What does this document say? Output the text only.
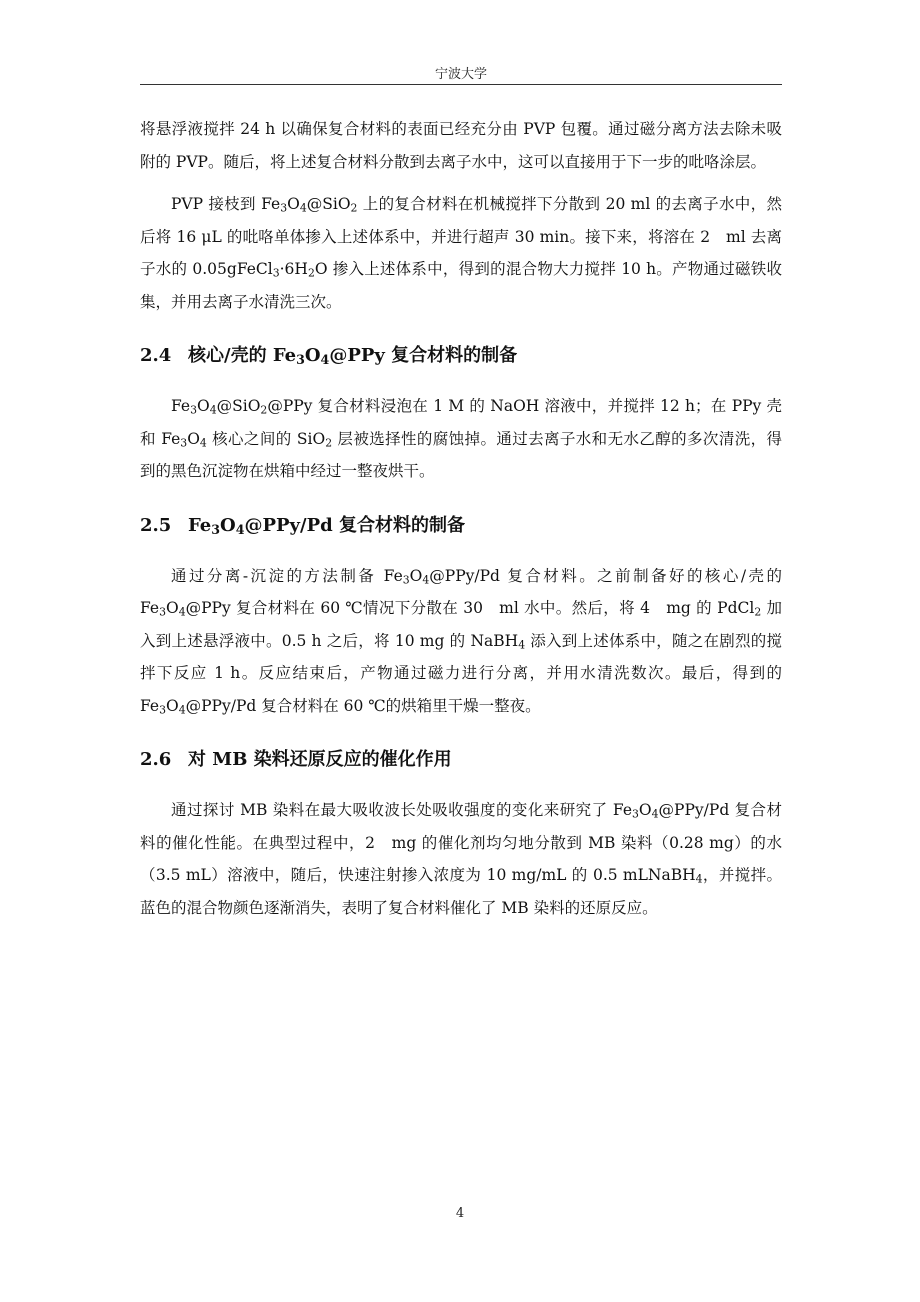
宁波大学

将悬浮液搅拌 24 h 以确保复合材料的表面已经充分由 PVP 包覆。通过磁分离方法去除未吸附的 PVP。随后，将上述复合材料分散到去离子水中，这可以直接用于下一步的吡咯涂层。

PVP 接枝到 $Fe_3O_4@SiO_2$ 上的复合材料在机械搅拌下分散到 20 ml 的去离子水中，然后将 16 μL 的吡咯单体掺入上述体系中，并进行超声 30 min。接下来，将溶在 2　ml 去离子水的 $0.05gFeCl_3\cdot 6H_2O$ 掺入上述体系中，得到的混合物大力搅拌 10 h。产物通过磁铁收集，并用去离子水清洗三次。

2.4 核心/壳的 $Fe_3O_4@PPy$ 复合材料的制备

$Fe_3O_4@SiO_2@PPy$ 复合材料浸泡在 1 M 的 NaOH 溶液中，并搅拌 12 h；在 PPy 壳和 $Fe_3O_4$ 核心之间的 SiO$_2$ 层被选择性的腐蚀掉。通过去离子水和无水乙醇的多次清洗，得到的黑色沉淀物在烘箱中经过一整夜烘干。

2.5 $Fe_3O_4@PPy/Pd$ 复合材料的制备

通过分离-沉淀的方法制备 $Fe_3O_4@PPy/Pd$ 复合材料。之前制备好的核心/壳的 $Fe_3O_4@PPy$ 复合材料在 60 ℃情况下分散在 30　ml 水中。然后，将 4　mg 的 PdCl$_2$ 加入到上述悬浮液中。0.5 h 之后，将 10 mg 的 NaBH$_4$ 添入到上述体系中，随之在剧烈的搅拌下反应 1 h。反应结束后，产物通过磁力进行分离，并用水清洗数次。最后，得到的 $Fe_3O_4@PPy/Pd$ 复合材料在 60 ℃的烘箱里干燥一整夜。

2.6 对 MB 染料还原反应的催化作用

通过探讨 MB 染料在最大吸收波长处吸收强度的变化来研究了 $Fe_3O_4@PPy/Pd$ 复合材料的催化性能。在典型过程中，2　mg 的催化剂均匀地分散到 MB 染料（0.28 mg）的水（3.5 mL）溶液中，随后，快速注射掺入浓度为 10 mg/mL 的 0.5 mLNaBH$_4$，并搅拌。蓝色的混合物颜色逐渐消失，表明了复合材料催化了 MB 染料的还原反应。

4
